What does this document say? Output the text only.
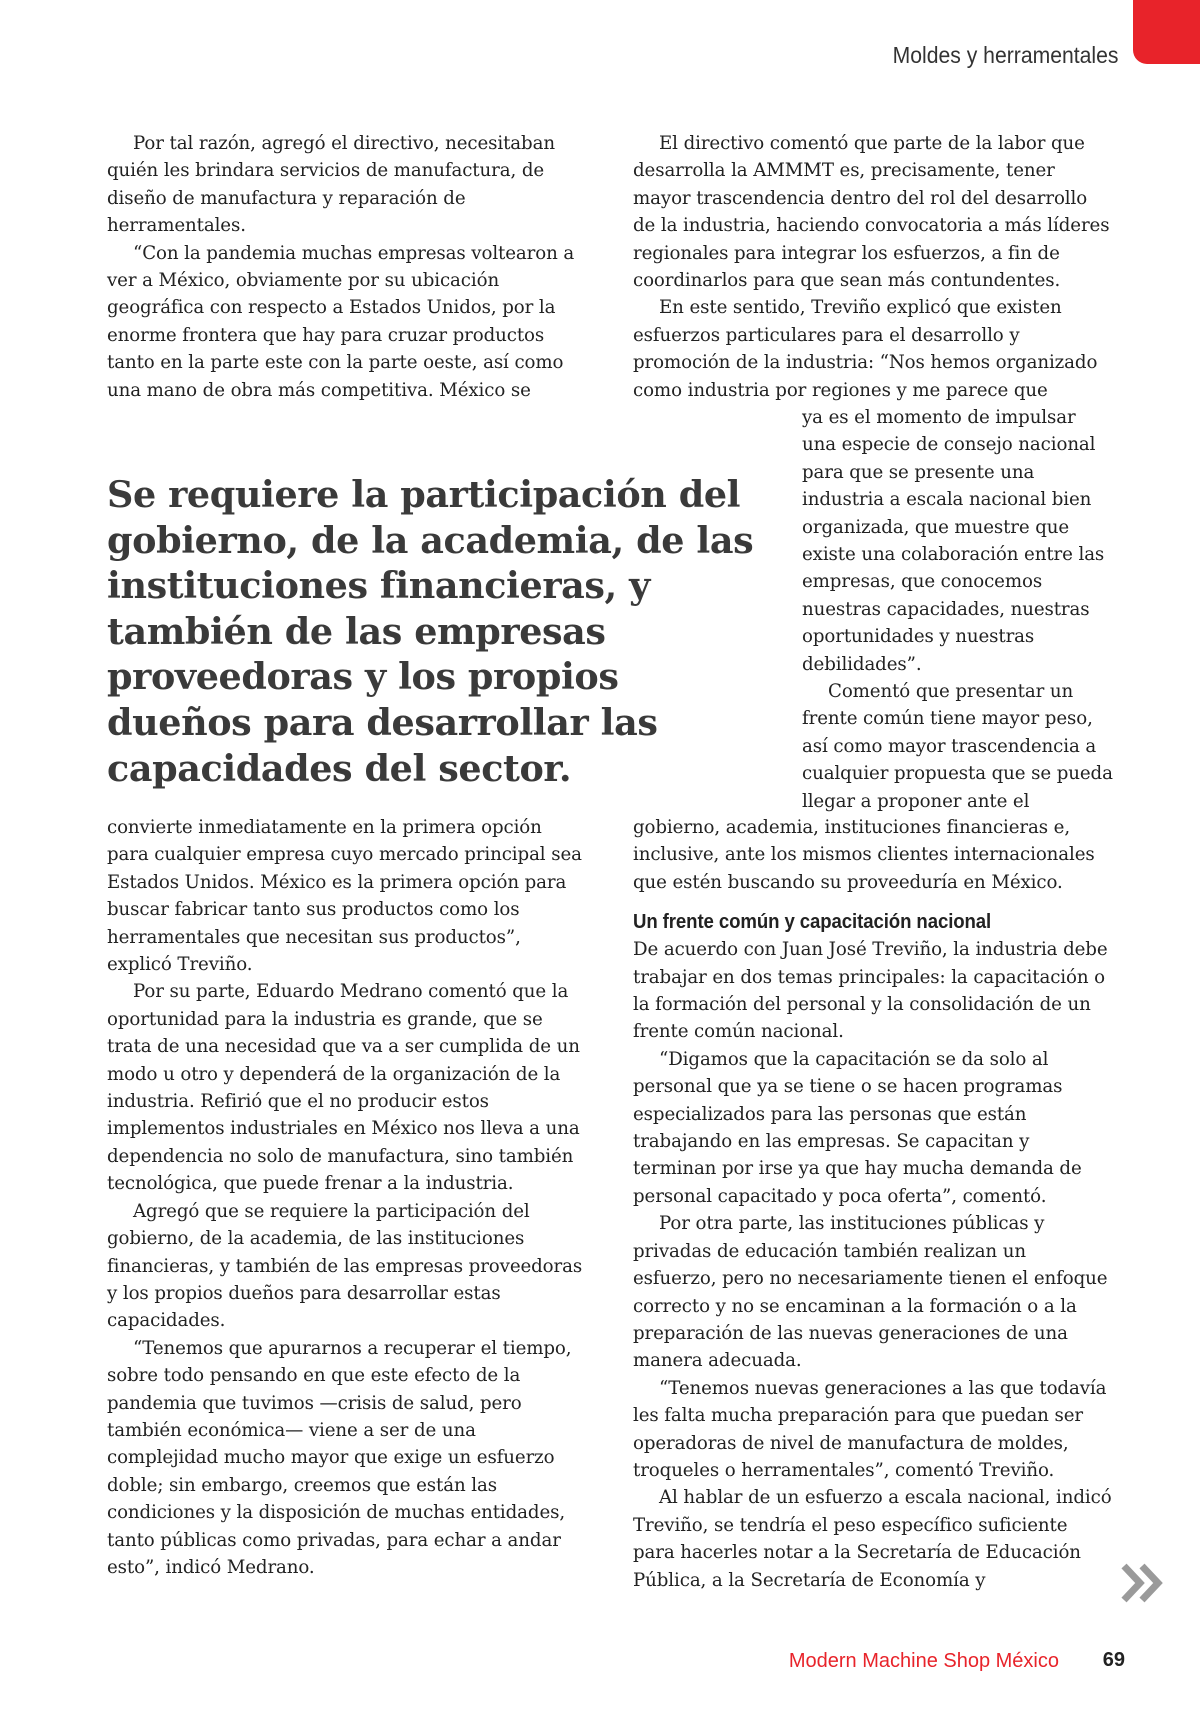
Moldes y herramentales

Por tal razón, agregó el directivo, necesitaban quién les brindara servicios de manufactura, de diseño de manufactura y reparación de herramentales.

“Con la pandemia muchas empresas voltearon a ver a México, obviamente por su ubicación geográfica con respecto a Estados Unidos, por la enorme frontera que hay para cruzar productos tanto en la parte este con la parte oeste, así como una mano de obra más competitiva. México se

Se requiere la participación del gobierno, de la academia, de las instituciones financieras, y también de las empresas proveedoras y los propios dueños para desarrollar las capacidades del sector.

convierte inmediatamente en la primera opción para cualquier empresa cuyo mercado principal sea Estados Unidos. México es la primera opción para buscar fabricar tanto sus productos como los herramentales que necesitan sus productos”, explicó Treviño.

Por su parte, Eduardo Medrano comentó que la oportunidad para la industria es grande, que se trata de una necesidad que va a ser cumplida de un modo u otro y dependerá de la organización de la industria. Refirió que el no producir estos implementos industriales en México nos lleva a una dependencia no solo de manufactura, sino también tecnológica, que puede frenar a la industria.

Agregó que se requiere la participación del gobierno, de la academia, de las instituciones financieras, y también de las empresas proveedoras y los propios dueños para desarrollar estas capacidades.

“Tenemos que apurarnos a recuperar el tiempo, sobre todo pensando en que este efecto de la pandemia que tuvimos —crisis de salud, pero también económica— viene a ser de una complejidad mucho mayor que exige un esfuerzo doble; sin embargo, creemos que están las condiciones y la disposición de muchas entidades, tanto públicas como privadas, para echar a andar esto”, indicó Medrano.

El directivo comentó que parte de la labor que desarrolla la AMMMT es, precisamente, tener mayor trascendencia dentro del rol del desarrollo de la industria, haciendo convocatoria a más líderes regionales para integrar los esfuerzos, a fin de coordinarlos para que sean más contundentes.

En este sentido, Treviño explicó que existen esfuerzos particulares para el desarrollo y promoción de la industria: “Nos hemos organizado como industria por regiones y me parece que

ya es el momento de impulsar una especie de consejo nacional para que se presente una industria a escala nacional bien organizada, que muestre que existe una colaboración entre las empresas, que conocemos nuestras capacidades, nuestras oportunidades y nuestras debilidades”.

Comentó que presentar un frente común tiene mayor peso, así como mayor trascendencia a cualquier propuesta que se pueda llegar a proponer ante el

gobierno, academia, instituciones financieras e, inclusive, ante los mismos clientes internacionales que estén buscando su proveeduría en México.

Un frente común y capacitación nacional

De acuerdo con Juan José Treviño, la industria debe trabajar en dos temas principales: la capacitación o la formación del personal y la consolidación de un frente común nacional.

“Digamos que la capacitación se da solo al personal que ya se tiene o se hacen programas especializados para las personas que están trabajando en las empresas. Se capacitan y terminan por irse ya que hay mucha demanda de personal capacitado y poca oferta”, comentó.

Por otra parte, las instituciones públicas y privadas de educación también realizan un esfuerzo, pero no necesariamente tienen el enfoque correcto y no se encaminan a la formación o a la preparación de las nuevas generaciones de una manera adecuada.

“Tenemos nuevas generaciones a las que todavía les falta mucha preparación para que puedan ser operadoras de nivel de manufactura de moldes, troqueles o herramentales”, comentó Treviño.

Al hablar de un esfuerzo a escala nacional, indicó Treviño, se tendría el peso específico suficiente para hacerles notar a la Secretaría de Educación Pública, a la Secretaría de Economía y

Modern Machine Shop México 69
